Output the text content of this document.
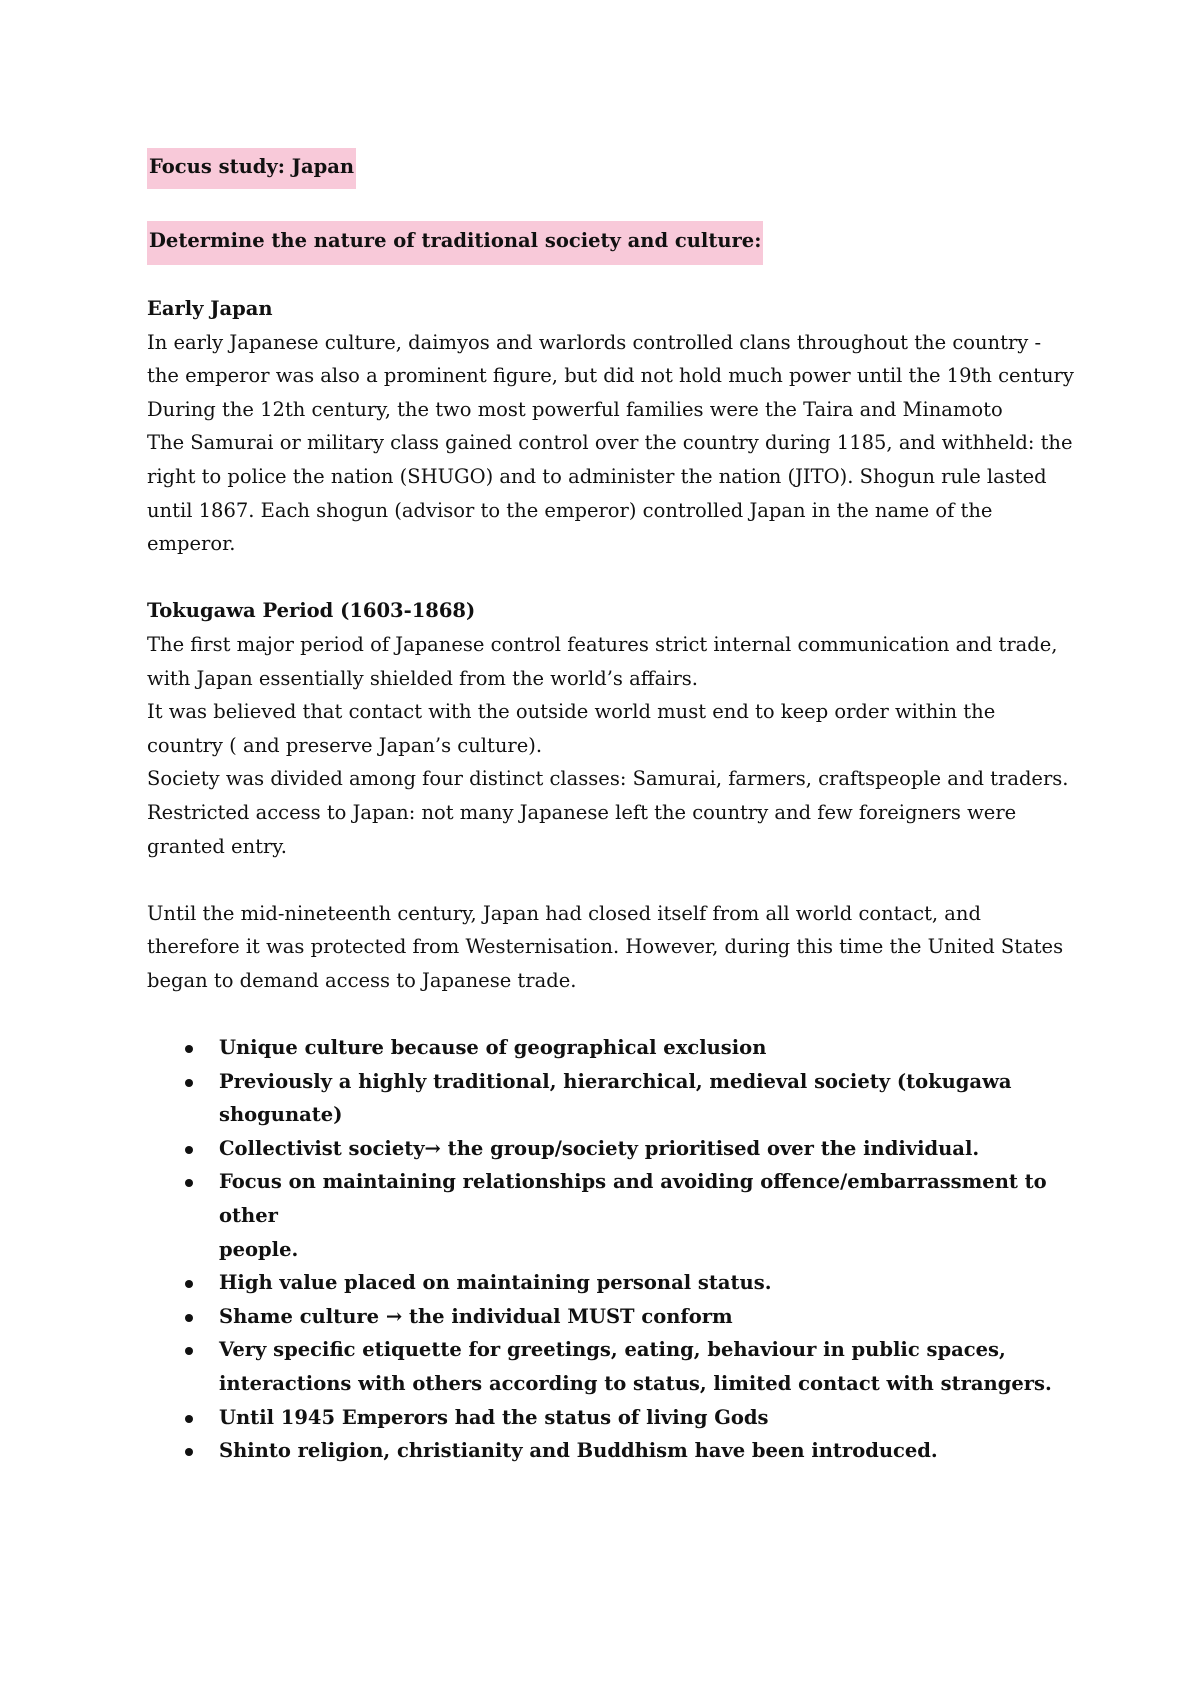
Focus study: Japan
Determine the nature of traditional society and culture:
Early Japan

In early Japanese culture, daimyos and warlords controlled clans throughout the country -
the emperor was also a prominent figure, but did not hold much power until the 19th century
During the 12th century, the two most powerful families were the Taira and Minamoto
The Samurai or military class gained control over the country during 1185, and withheld: the
right to police the nation (SHUGO) and to administer the nation (JITO). Shogun rule lasted
until 1867. Each shogun (advisor to the emperor) controlled Japan in the name of the
emperor.

Tokugawa Period (1603-1868)

The first major period of Japanese control features strict internal communication and trade,
with Japan essentially shielded from the world’s affairs.
It was believed that contact with the outside world must end to keep order within the
country ( and preserve Japan’s culture).
Society was divided among four distinct classes: Samurai, farmers, craftspeople and traders.
Restricted access to Japan: not many Japanese left the country and few foreigners were
granted entry.

Until the mid-nineteenth century, Japan had closed itself from all world contact, and
therefore it was protected from Westernisation. However, during this time the United States
began to demand access to Japanese trade.

Unique culture because of geographical exclusion
Previously a highly traditional, hierarchical, medieval society (tokugawa
shogunate)
Collectivist society→ the group/society prioritised over the individual.
Focus on maintaining relationships and avoiding offence/embarrassment to other
people.
High value placed on maintaining personal status.
Shame culture → the individual MUST conform
Very specific etiquette for greetings, eating, behaviour in public spaces,
interactions with others according to status, limited contact with strangers.
Until 1945 Emperors had the status of living Gods
Shinto religion, christianity and Buddhism have been introduced.
